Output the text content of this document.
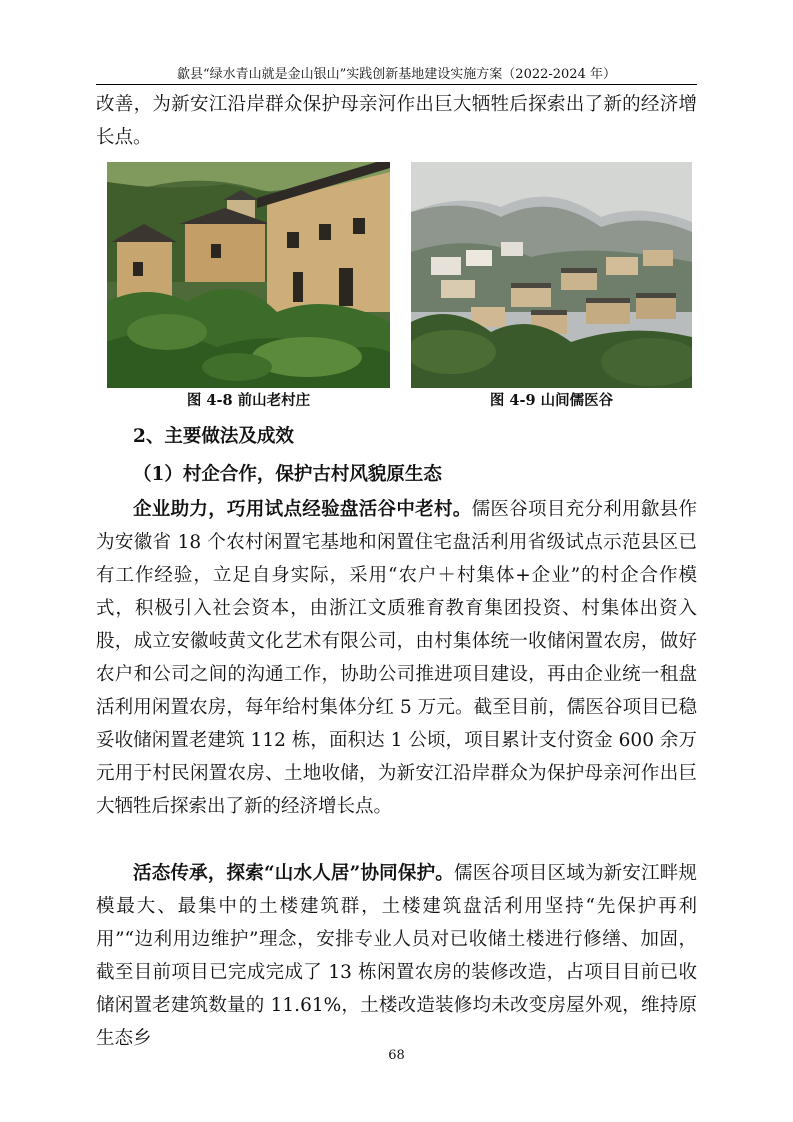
歙县“绿水青山就是金山银山”实践创新基地建设实施方案（2022-2024 年）

改善，为新安江沿岸群众保护母亲河作出巨大牺牲后探索出了新的经济增长点。

图 4-8 前山老村庄	图 4-9 山间儒医谷
2、主要做法及成效
（1）村企合作，保护古村风貌原生态

企业助力，巧用试点经验盘活谷中老村。儒医谷项目充分利用歙县作为安徽省 18 个农村闲置宅基地和闲置住宅盘活利用省级试点示范县区已有工作经验，立足自身实际，采用“农户＋村集体+企业”的村企合作模式，积极引入社会资本，由浙江文质雅育教育集团投资、村集体出资入股，成立安徽岐黄文化艺术有限公司，由村集体统一收储闲置农房，做好农户和公司之间的沟通工作，协助公司推进项目建设，再由企业统一租盘活利用闲置农房，每年给村集体分红 5 万元。截至目前，儒医谷项目已稳妥收储闲置老建筑 112 栋，面积达 1 公顷，项目累计支付资金 600 余万元用于村民闲置农房、土地收储，为新安江沿岸群众为保护母亲河作出巨大牺牲后探索出了新的经济增长点。

活态传承，探索“山水人居”协同保护。儒医谷项目区域为新安江畔规模最大、最集中的土楼建筑群，土楼建筑盘活利用坚持“先保护再利用”“边利用边维护”理念，安排专业人员对已收储土楼进行修缮、加固，截至目前项目已完成完成了 13 栋闲置农房的装修改造，占项目目前已收储闲置老建筑数量的 11.61%，土楼改造装修均未改变房屋外观，维持原生态乡

68
